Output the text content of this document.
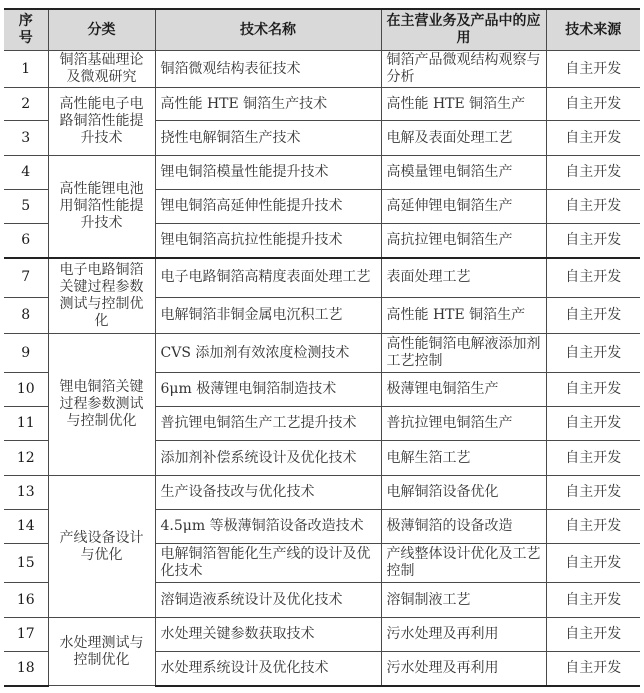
序号	分类	技术名称	在主营业务及产品中的应用	技术来源
1	铜箔基础理论及微观研究	铜箔微观结构表征技术	铜箔产品微观结构观察与分析	自主开发
2	高性能电子电路铜箔性能提升技术	高性能 HTE 铜箔生产技术	高性能 HTE 铜箔生产	自主开发
3		挠性电解铜箔生产技术	电解及表面处理工艺	自主开发
4	高性能锂电池用铜箔性能提升技术	锂电铜箔模量性能提升技术	高模量锂电铜箔生产	自主开发
5		锂电铜箔高延伸性能提升技术	高延伸锂电铜箔生产	自主开发
6		锂电铜箔高抗拉性能提升技术	高抗拉锂电铜箔生产	自主开发
7	电子电路铜箔关键过程参数测试与控制优化	电子电路铜箔高精度表面处理工艺	表面处理工艺	自主开发
8		电解铜箔非铜金属电沉积工艺	高性能 HTE 铜箔生产	自主开发
9	锂电铜箔关键过程参数测试与控制优化	CVS 添加剂有效浓度检测技术	高性能铜箔电解液添加剂工艺控制	自主开发
10		6μm 极薄锂电铜箔制造技术	极薄锂电铜箔生产	自主开发
11		普抗锂电铜箔生产工艺提升技术	普抗拉锂电铜箔生产	自主开发
12		添加剂补偿系统设计及优化技术	电解生箔工艺	自主开发
13	产线设备设计与优化	生产设备技改与优化技术	电解铜箔设备优化	自主开发
14		4.5μm 等极薄铜箔设备改造技术	极薄铜箔的设备改造	自主开发
15		电解铜箔智能化生产线的设计及优化技术	产线整体设计优化及工艺控制	自主开发
16		溶铜造液系统设计及优化技术	溶铜制液工艺	自主开发
17	水处理测试与控制优化	水处理关键参数获取技术	污水处理及再利用	自主开发
18		水处理系统设计及优化技术	污水处理及再利用	自主开发
